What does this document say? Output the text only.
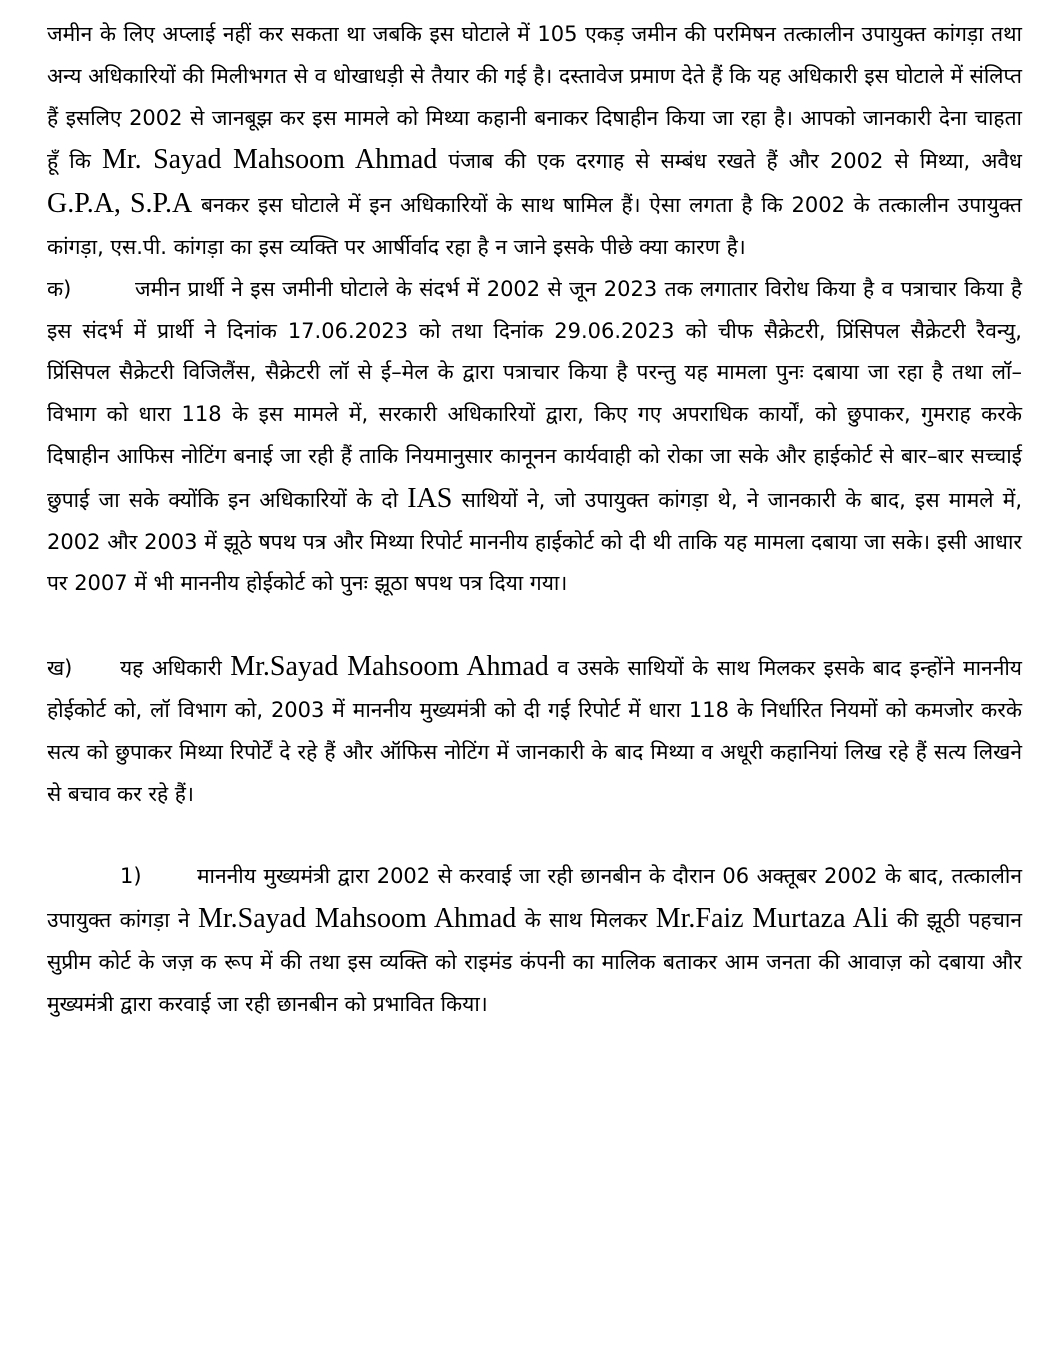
जमीन के लिए अप्लाई नहीं कर सकता था जबकि इस घोटाले में 105 एकड़ जमीन की परमिषन तत्कालीन उपायुक्त कांगड़ा तथा अन्य अधिकारियों की मिलीभगत से व धोखाधड़ी से तैयार की गई है। दस्तावेज प्रमाण देते हैं कि यह अधिकारी इस घोटाले में संलिप्त हैं इसलिए 2002 से जानबूझ कर इस मामले को मिथ्या कहानी बनाकर दिषाहीन किया जा रहा है। आपको जानकारी देना चाहता हूँ कि Mr. Sayad Mahsoom Ahmad पंजाब की एक दरगाह से सम्बंध रखते हैं और 2002 से मिथ्या, अवैध G.P.A, S.P.A बनकर इस घोटाले में इन अधिकारियों के साथ षामिल हैं। ऐसा लगता है कि 2002 के तत्कालीन उपायुक्त कांगड़ा, एस.पी. कांगड़ा का इस व्यक्ति पर आर्षीर्वाद रहा है न जाने इसके पीछे क्या कारण है।

क)	जमीन प्रार्थी ने इस जमीनी घोटाले के संदर्भ में 2002 से जून 2023 तक लगातार विरोध किया है व पत्राचार किया है इस संदर्भ में प्रार्थी ने दिनांक 17.06.2023 को तथा दिनांक 29.06.2023 को चीफ सैक्रेटरी, प्रिंसिपल सैक्रेटरी रैवन्यु, प्रिंसिपल सैक्रेटरी विजिलैंस, सैक्रेटरी लॉ से ई–मेल के द्वारा पत्राचार किया है परन्तु यह मामला पुनः दबाया जा रहा है तथा लॉ–विभाग को धारा 118 के इस मामले में, सरकारी अधिकारियों द्वारा, किए गए अपराधिक कार्यों, को छुपाकर, गुमराह करके दिषाहीन आफिस नोटिंग बनाई जा रही हैं ताकि नियमानुसार कानूनन कार्यवाही को रोका जा सके और हाईकोर्ट से बार–बार सच्चाई छुपाई जा सके क्योंकि इन अधिकारियों के दो IAS साथियों ने, जो उपायुक्त कांगड़ा थे, ने जानकारी के बाद, इस मामले में, 2002 और 2003 में झूठे षपथ पत्र और मिथ्या रिपोर्ट माननीय हाईकोर्ट को दी थी ताकि यह मामला दबाया जा सके। इसी आधार पर 2007 में भी माननीय होईकोर्ट को पुनः झूठा षपथ पत्र दिया गया।

ख) यह अधिकारी Mr.Sayad Mahsoom Ahmad व उसके साथियों के साथ मिलकर इसके बाद इन्होंने माननीय होईकोर्ट को, लॉ विभाग को, 2003 में माननीय मुख्यमंत्री को दी गई रिपोर्ट में धारा 118 के निर्धारित नियमों को कमजोर करके सत्य को छुपाकर मिथ्या रिपोर्टें दे रहे हैं और ऑफिस नोटिंग में जानकारी के बाद मिथ्या व अधूरी कहानियां लिख रहे हैं सत्य लिखने से बचाव कर रहे हैं।

1)	माननीय मुख्यमंत्री द्वारा 2002 से करवाई जा रही छानबीन के दौरान 06 अक्तूबर 2002 के बाद, तत्कालीन उपायुक्त कांगड़ा ने Mr.Sayad Mahsoom Ahmad के साथ मिलकर Mr.Faiz Murtaza Ali की झूठी पहचान सुप्रीम कोर्ट के जज़ क रूप में की तथा इस व्यक्ति को राइमंड कंपनी का मालिक बताकर आम जनता की आवाज़ को दबाया और मुख्यमंत्री द्वारा करवाई जा रही छानबीन को प्रभावित किया।
